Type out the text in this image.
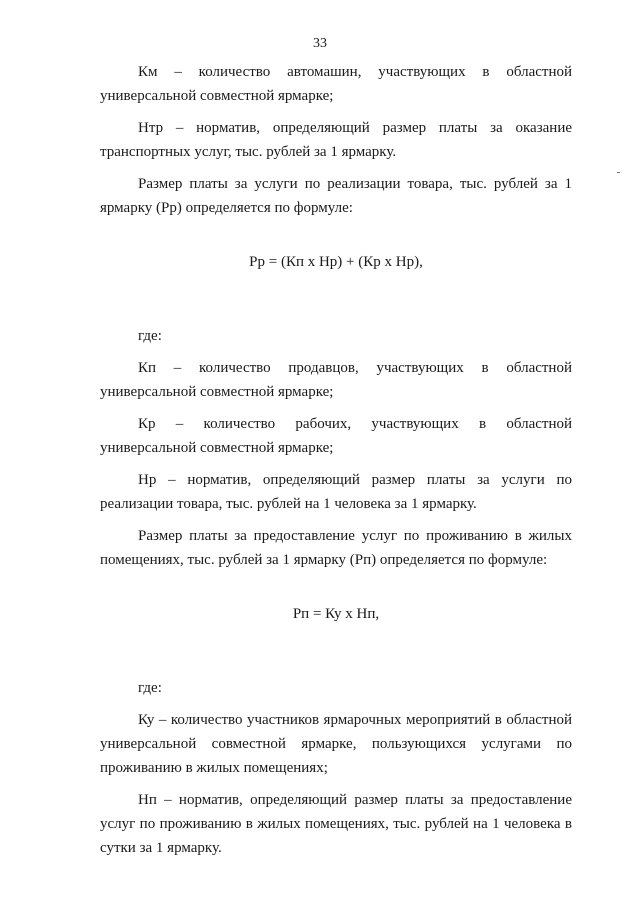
33

Км – количество автомашин, участвующих в областной универсальной совместной ярмарке;

Нтр – норматив, определяющий размер платы за оказание транспортных услуг, тыс. рублей за 1 ярмарку.

Размер платы за услуги по реализации товара, тыс. рублей за 1 ярмарку (Рр) определяется по формуле:

Рр = (Кп х Нр) + (Кр х Нр),

где:

Кп – количество продавцов, участвующих в областной универсальной совместной ярмарке;

Кр – количество рабочих, участвующих в областной универсальной совместной ярмарке;

Нр – норматив, определяющий размер платы за услуги по реализации товара, тыс. рублей на 1 человека за 1 ярмарку.

Размер платы за предоставление услуг по проживанию в жилых помещениях, тыс. рублей за 1 ярмарку (Рп) определяется по формуле:

Рп = Ку х Нп,

где:

Ку – количество участников ярмарочных мероприятий в областной универсальной совместной ярмарке, пользующихся услугами по проживанию в жилых помещениях;

Нп – норматив, определяющий размер платы за предоставление услуг по проживанию в жилых помещениях, тыс. рублей на 1 человека в сутки за 1 ярмарку.
